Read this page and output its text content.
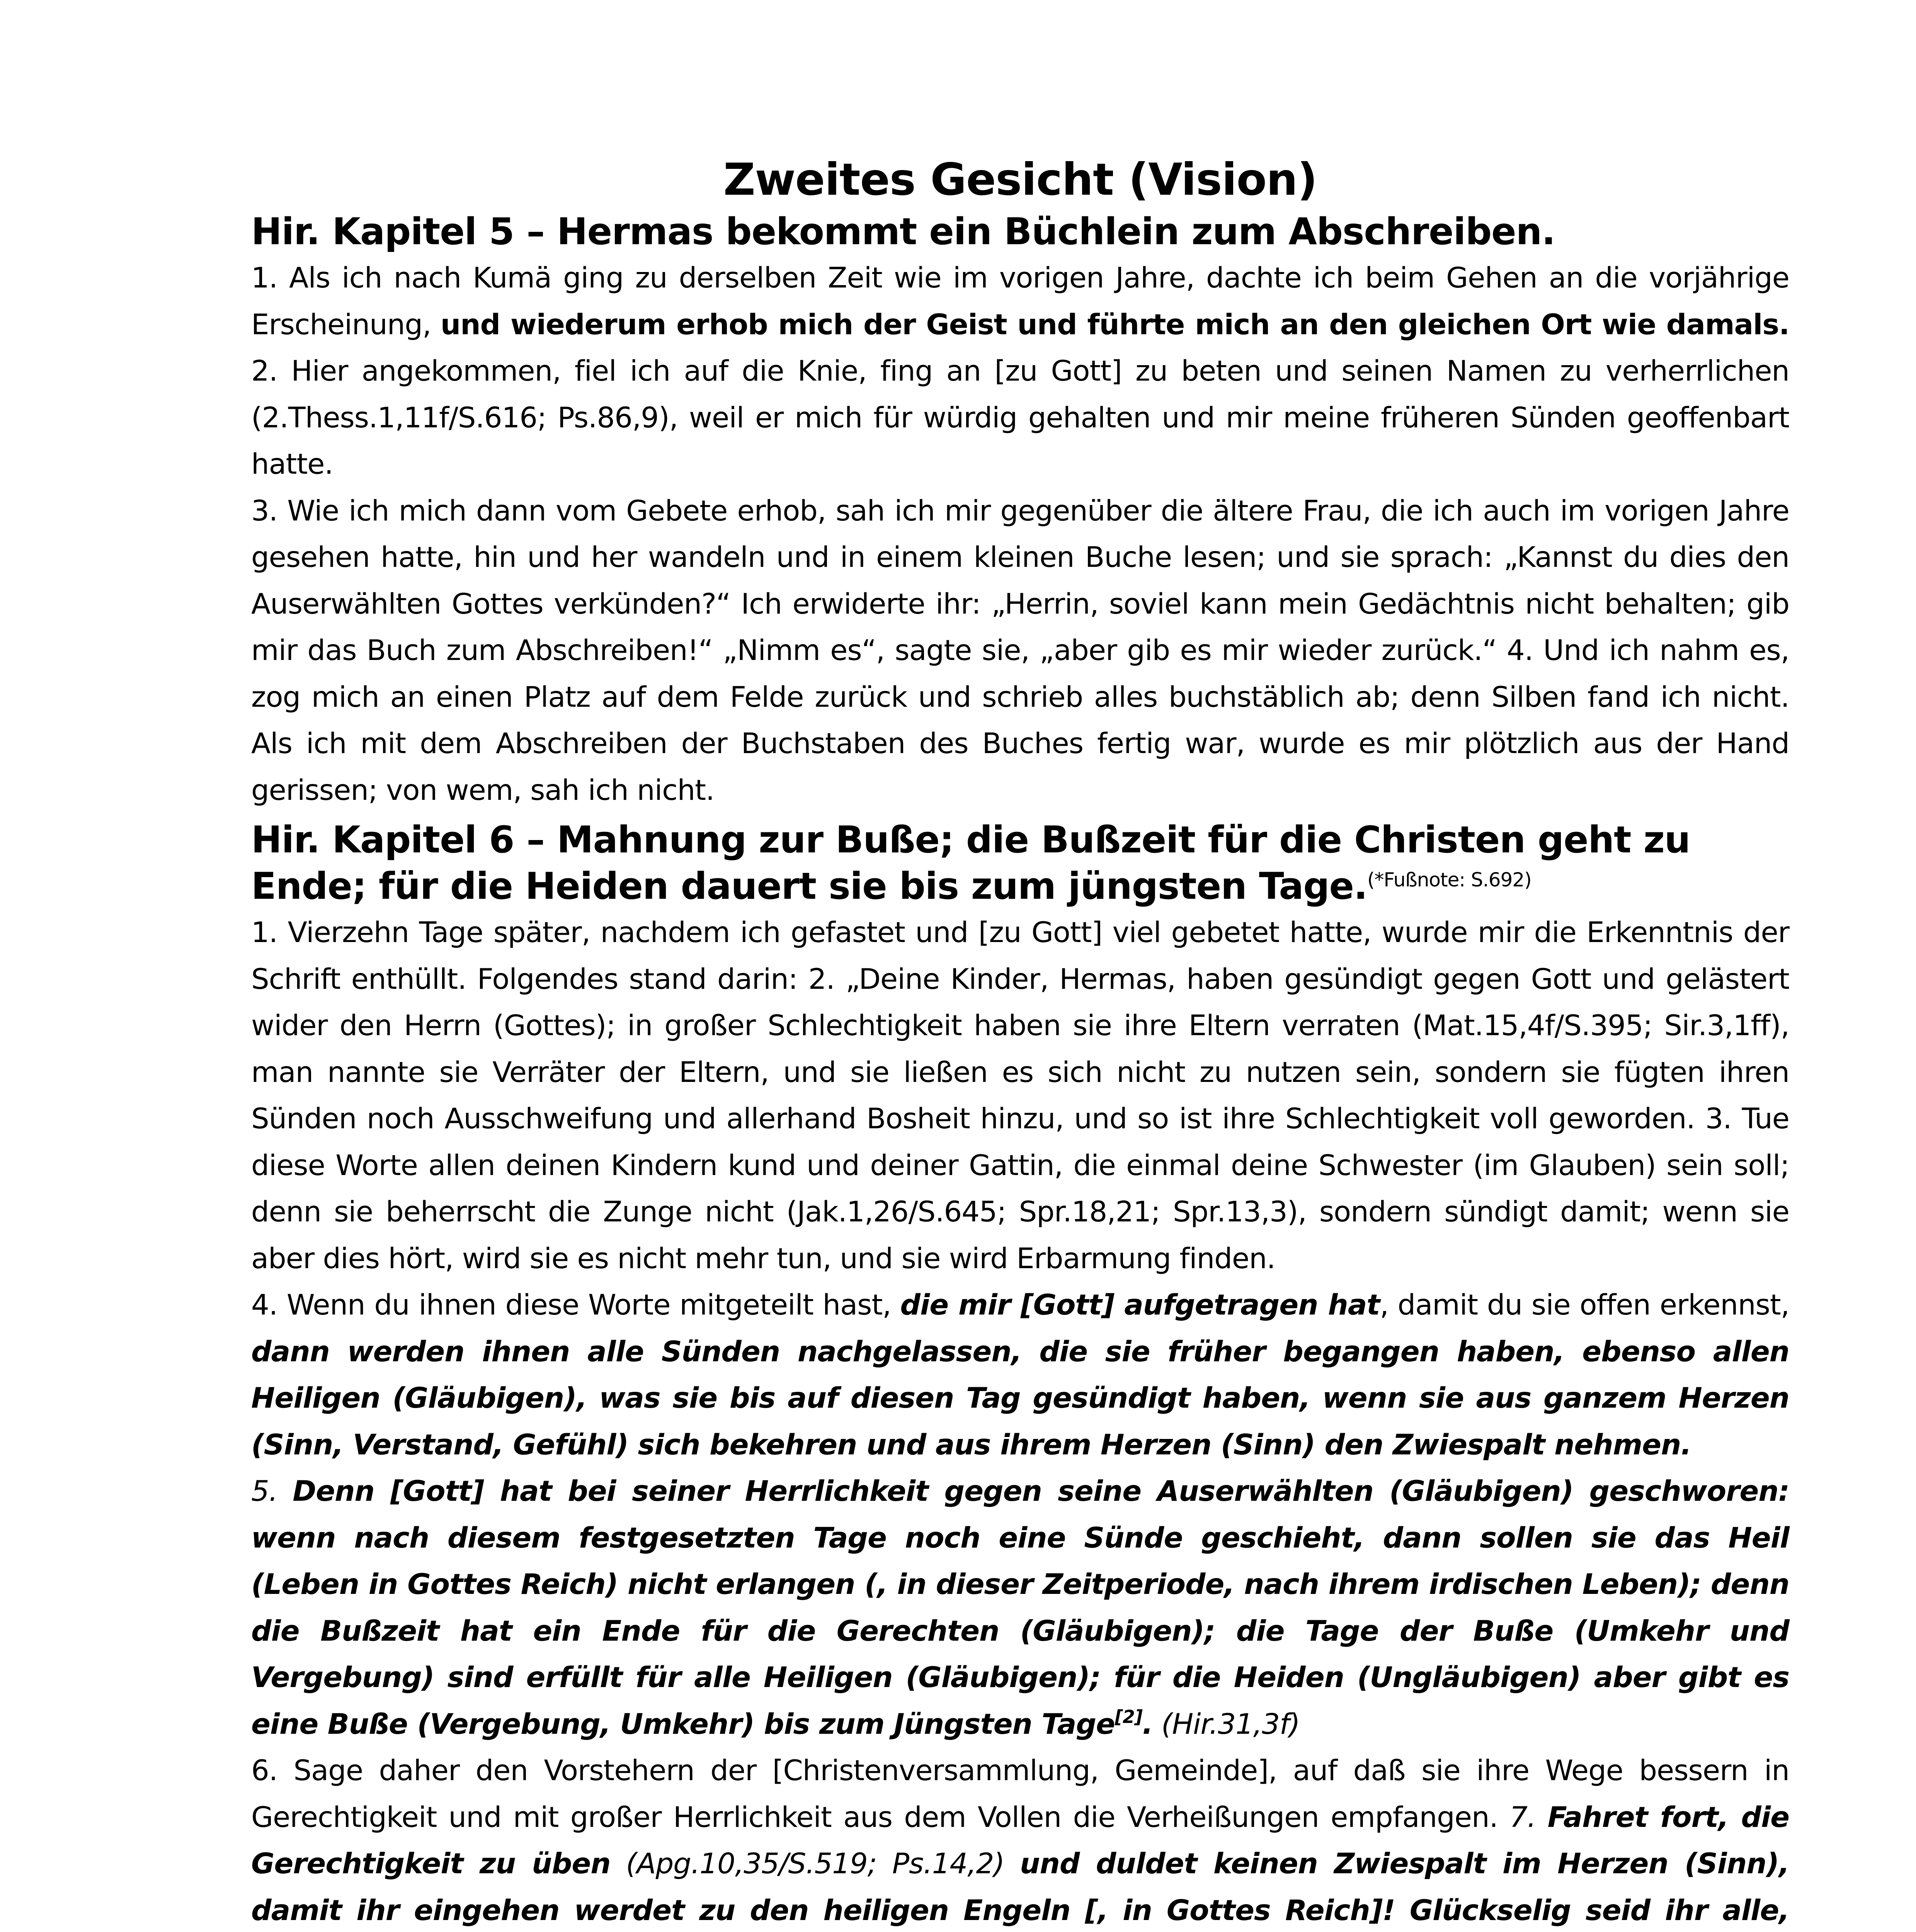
Zweites Gesicht (Vision)
Hir. Kapitel 5 – Hermas bekommt ein Büchlein zum Abschreiben.

1. Als ich nach Kumä ging zu derselben Zeit wie im vorigen Jahre, dachte ich beim Gehen an die vorjährige Erscheinung, und wiederum erhob mich der Geist und führte mich an den gleichen Ort wie damals. 2. Hier angekommen, fiel ich auf die Knie, fing an [zu Gott] zu beten und seinen Namen zu verherrlichen (2.Thess.1,11f/S.616; Ps.86,9), weil er mich für würdig gehalten und mir meine früheren Sünden geoffenbart hatte.

3. Wie ich mich dann vom Gebete erhob, sah ich mir gegenüber die ältere Frau, die ich auch im vorigen Jahre gesehen hatte, hin und her wandeln und in einem kleinen Buche lesen; und sie sprach: „Kannst du dies den Auserwählten Gottes verkünden?“ Ich erwiderte ihr: „Herrin, soviel kann mein Gedächtnis nicht behalten; gib mir das Buch zum Abschreiben!“ „Nimm es“, sagte sie, „aber gib es mir wieder zurück.“ 4. Und ich nahm es, zog mich an einen Platz auf dem Felde zurück und schrieb alles buchstäblich ab; denn Silben fand ich nicht. Als ich mit dem Abschreiben der Buchstaben des Buches fertig war, wurde es mir plötzlich aus der Hand gerissen; von wem, sah ich nicht.

Hir. Kapitel 6 – Mahnung zur Buße; die Bußzeit für die Christen geht zu Ende; für die Heiden dauert sie bis zum jüngsten Tage.$^{(*Fußnote: S.692)}$

1. Vierzehn Tage später, nachdem ich gefastet und [zu Gott] viel gebetet hatte, wurde mir die Erkenntnis der Schrift enthüllt. Folgendes stand darin: 2. „Deine Kinder, Hermas, haben gesündigt gegen Gott und gelästert wider den Herrn (Gottes); in großer Schlechtigkeit haben sie ihre Eltern verraten (Mat.15,4f/S.395; Sir.3,1ff), man nannte sie Verräter der Eltern, und sie ließen es sich nicht zu nutzen sein, sondern sie fügten ihren Sünden noch Ausschweifung und allerhand Bosheit hinzu, und so ist ihre Schlechtigkeit voll geworden. 3. Tue diese Worte allen deinen Kindern kund und deiner Gattin, die einmal deine Schwester (im Glauben) sein soll; denn sie beherrscht die Zunge nicht (Jak.1,26/S.645; Spr.18,21; Spr.13,3), sondern sündigt damit; wenn sie aber dies hört, wird sie es nicht mehr tun, und sie wird Erbarmung finden.

4. Wenn du ihnen diese Worte mitgeteilt hast, die mir [Gott] aufgetragen hat, damit du sie offen erkennst, dann werden ihnen alle Sünden nachgelassen, die sie früher begangen haben, ebenso allen Heiligen (Gläubigen), was sie bis auf diesen Tag gesündigt haben, wenn sie aus ganzem Herzen (Sinn, Verstand, Gefühl) sich bekehren und aus ihrem Herzen (Sinn) den Zwiespalt nehmen.

5. Denn [Gott] hat bei seiner Herrlichkeit gegen seine Auserwählten (Gläubigen) geschworen: wenn nach diesem festgesetzten Tage noch eine Sünde geschieht, dann sollen sie das Heil (Leben in Gottes Reich) nicht erlangen (, in dieser Zeitperiode, nach ihrem irdischen Leben); denn die Bußzeit hat ein Ende für die Gerechten (Gläubigen); die Tage der Buße (Umkehr und Vergebung) sind erfüllt für alle Heiligen (Gläubigen); für die Heiden (Ungläubigen) aber gibt es eine Buße (Vergebung, Umkehr) bis zum Jüngsten Tage[2]. (Hir.31,3f)

6. Sage daher den Vorstehern der [Christenversammlung, Gemeinde], auf daß sie ihre Wege bessern in Gerechtigkeit und mit großer Herrlichkeit aus dem Vollen die Verheißungen empfangen. 7. Fahret fort, die Gerechtigkeit zu üben (Apg.10,35/S.519; Ps.14,2) und duldet keinen Zwiespalt im Herzen (Sinn), damit ihr eingehen werdet zu den heiligen Engeln [, in Gottes Reich]! Glückselig seid ihr alle,
